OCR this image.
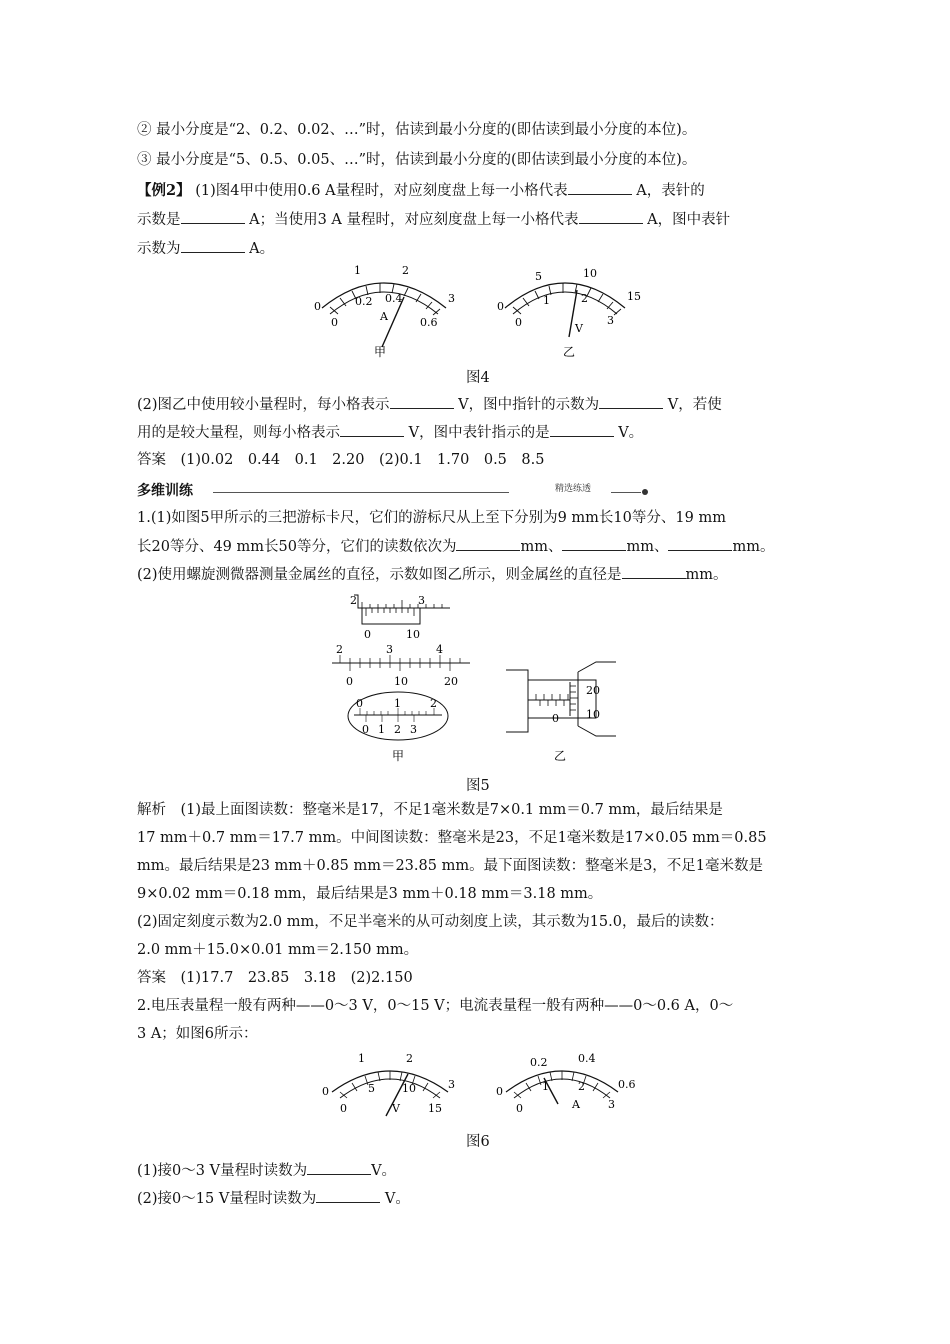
② 最小分度是“2、0.2、0.02、…”时，估读到最小分度的(即估读到最小分度的本位)。
③ 最小分度是“5、0.5、0.05、…”时，估读到最小分度的(即估读到最小分度的本位)。
【例2】 (1)图4甲中使用0.6 A量程时，对应刻度盘上每一小格代表	A，表针的
示数是	A；当使用3 A 量程时，对应刻度盘上每一小格代表	A，图中表针
示数为	A。
0
1	2
3
0
0.2 0.4
0.6
A
甲
0
5	10
15
0
1	2
3
V
乙
图4
(2)图乙中使用较小量程时，每小格表示	V，图中指针的示数为	V，若使
用的是较大量程，则每小格表示	V，图中表针指示的是	V。
答案　(1)0.02　0.44　0.1　2.20　(2)0.1　1.70　0.5　8.5
多维训练	精选练透
1.(1)如图5甲所示的三把游标卡尺，它们的游标尺从上至下分别为9 mm长10等分、19 mm
长20等分、49 mm长50等分，它们的读数依次为	mm、	mm、	mm。
(2)使用螺旋测微器测量金属丝的直径，示数如图乙所示，则金属丝的直径是	mm。
2	3
0	10
2	3	4
0	10	20
0	1	2
0 1 2 3
甲
0
20
10
乙
图5
解析　(1)最上面图读数：整毫米是17，不足1毫米数是7×0.1 mm＝0.7 mm，最后结果是
17 mm＋0.7 mm＝17.7 mm。中间图读数：整毫米是23，不足1毫米数是17×0.05 mm＝0.85
mm。最后结果是23 mm＋0.85 mm＝23.85 mm。最下面图读数：整毫米是3，不足1毫米数是
9×0.02 mm＝0.18 mm，最后结果是3 mm＋0.18 mm＝3.18 mm。
(2)固定刻度示数为2.0 mm，不足半毫米的从可动刻度上读，其示数为15.0，最后的读数：
2.0 mm＋15.0×0.01 mm＝2.150 mm。
答案　(1)17.7　23.85　3.18　(2)2.150
2.电压表量程一般有两种——0～3 V，0～15 V；电流表量程一般有两种——0～0.6 A，0～
3 A；如图6所示：
0
1	2
3
0
5 10
15
V
0
0.2	0.4
0.6
0
1	2
3
A
图6
(1)接0～3 V量程时读数为	V。
(2)接0～15 V量程时读数为	V。
